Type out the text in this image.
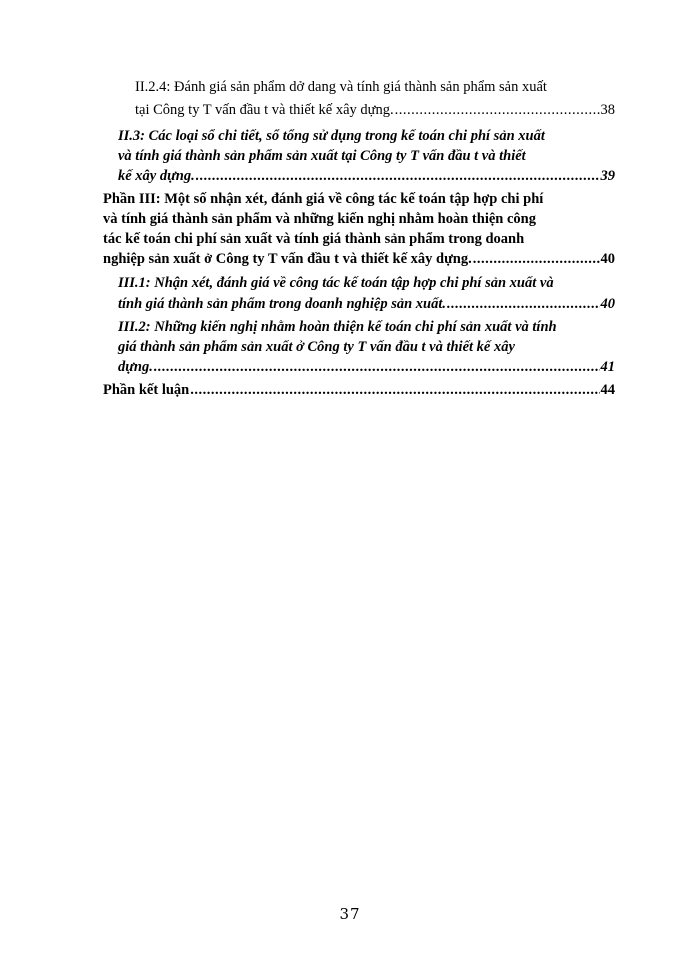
II.2.4: Đánh giá sản phẩm dở dang và tính giá thành sản phẩm sản xuất
tại Công ty T vấn đầu t và thiết kế xây dựng. .....	38
II.3: Các loại sổ chi tiết, sổ tổng sử dụng trong kế toán chi phí sản xuất
và tính giá thành sản phẩm sản xuất tại Công ty T vấn đầu t và thiết
kế xây dựng. .....	39
Phần III: Một số nhận xét, đánh giá về công tác kế toán tập hợp chi phí
và tính giá thành sản phẩm và những kiến nghị nhằm hoàn thiện công
tác kế toán chi phí sản xuất và tính giá thành sản phẩm trong doanh
nghiệp sản xuất ở Công ty T vấn đầu t và thiết kế xây dựng. .....	40
III.1: Nhận xét, đánh giá về công tác kế toán tập hợp chi phí sản xuất và
tính giá thành sản phẩm trong doanh nghiệp sản xuất. .....	40
III.2: Những kiến nghị nhằm hoàn thiện kế toán chi phí sản xuất và tính
giá thành sản phẩm sản xuất ở Công ty T vấn đầu t và thiết kế xây
dựng. .....	41
Phần kết luận .....	44
37
